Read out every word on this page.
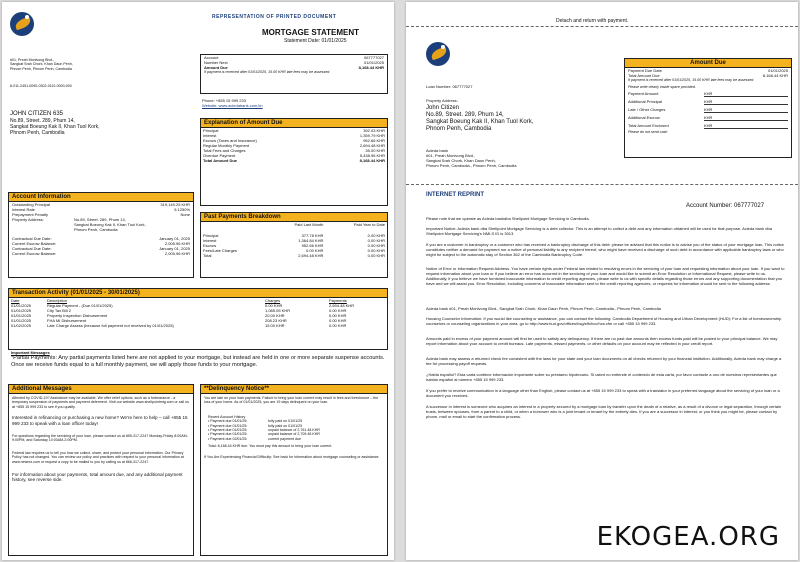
REPRESENTATION OF PRINTED DOCUMENT
MORTGAGE STATEMENT
Statement Date: 01/01/2025
#01, Preah Monivong Blvd.,
Sangkat Srah Chork, Khan Daun Penh,
Phnom Penh, Phnom Penh, Cambodia
8-011-2451-0090-0302-0110-0000-000
JOHN CITIZEN 635
No.89, Street. 289, Phum 14,
Sangkat Boeung Kak II, Khan Tuol Kork,
Phnom Penh, Cambodia
Account	067777027
Number Next	01/01/2025
Amount Due	8,168.44 KHR
If payment is received after 01/01/2025, 15.00 KHR late fees may be assessed.
Phone: +855 15 999 233
Website: www.acledabank.com.kh
Explanation of Amount Due
Principal	392.03 KHR
Interest	1,359.79 KHR
Escrow (Taxes and Insurance)	952.66 KHR
Regular Monthly Payment	2,694.48 KHR
Total Fees and Charges	35.00 KHR
Overdue Payment	5,438.96 KHR
Total Amount Due	8,168.44 KHR
Account Information
Outstanding Principal	319,149.25 KHR
Interest Rate	5.1250%
Prepayment Penalty	None
Property Address:	No.89, Street. 289, Phum 14,
Sangkat Boeung Kak II, Khan Tuol Kork,
Phnom Penh, Cambodia
Contractual Due Date:	January 01, 2025
Current Escrow Balance:	2,005.96 KHR
Contractual Due Date:	January 01, 2025
Current Escrow Balance:	2,005.96 KHR
Past Payments Breakdown
	Paid Last Month	Paid Year to Date

Principal	377.78 KHR	0.00 KHR
Interest	1,364.84 KHR	0.00 KHR
Escrow	952.66 KHR	0.00 KHR
Fees/Late Charges	0.00 KHR	0.00 KHR
Total	2,694.48 KHR	0.00 KHR
Transaction Activity (01/01/2025 - 30/01/2025)
Date	Description	Charges	Payments
01/01/2025	Regular Payment - (Due 01/01/2025)	0.00 KHR	2,694.48 KHR
01/01/2025	City Tax Bill 2	1,085.05 KHR	0.00 KHR
01/01/2025	Property Inspection Disbursement	20.00 KHR	0.00 KHR
01/01/2025	FHA MI Disbursement	208.23 KHR	0.00 KHR
01/02/2025	Late Charge Assess (because full payment not received by 01/01/2025)	15.00 KHR	0.00 KHR
Important Messages
*Partial Payments: Any partial payments listed here are not applied to your mortgage, but instead are held in one or more separate suspense accounts. Once we receive funds equal to a full monthly payment, we will apply those funds to your mortgage.
Additional Messages

Affected by COVID-19? Assistance may be available. We offer relief options, such as a forbearance - a temporary suspension of payments and payment deferment. Visit our website www.shellpointmtg.com or call us at +855 15 999 233 to see if you qualify.

Interested in refinancing or purchasing a new home? We're here to help – call +855 15 999 233 to speak with a loan officer today!

For questions regarding the servicing of your loan, please contact us at 855-317-2247 Monday-Friday 8:00AM-9:00PM, and Saturday 10:00AM-2:00PM.

Federal law requires us to tell you how we collect, share, and protect your personal information. Our Privacy Policy has not changed. You can review our policy and practices with respect to your personal information at www.newrez.com or request a copy to be mailed to you by calling us at 866-317-2247.

For information about your payments, total amount due, and any additional payment history, see reverse side.

**Delinquency Notice**

You are late on your loan payments. Failure to bring your loan current may result in fees and foreclosure – the loss of your home. As of 01/01/2025, you are 19 days delinquent on your loan.

Recent Account History
• Payment due 01/01/25:	fully paid on 01/01/25
• Payment due 01/01/25:	fully paid on 01/01/25
• Payment due 01/01/25:	unpaid balance of 2,761.48 KHR
• Payment due 01/01/25:	unpaid balance of 2,709.48 KHR
• Payment due 02/01/25:	current payment due
Total: 8,168.44 KHR due. You must pay this amount to bring your loan current.

If You Are Experiencing Financial Difficulty: See back for information about mortgage counseling or assistance.

Detach and return with payment.
Loan Number: 067777027
Property Address:
John Citizen
No.89, Street. 289, Phum 14,
Sangkat Boeung Kak II, Khan Tuol Kork,
Phnom Penh, Cambodia
Acleda bank
#01, Preah Monivong Blvd.,
Sangkat Srah Chork, Khan Daun Penh,
Phnom Penh, Cambodia., Phnom Penh, Cambodia
Amount Due
Payment Due Date	01/01/2025
Total Amount Due	8,168.44 KHR
If payment is received after 01/01/2025, 15.00 KHR late fees may be assessed.
Please write clearly inside space provided.
Payment Amount	KHR
Additional Principal	KHR
Late / Other Charges	KHR
Additional Escrow	KHR
Total Amount Enclosed	KHR
Please do not send cash
INTERNET REPRINT
Account Number: 067777027
Please note that we operate as Acleda bankdba Shellpoint Mortgage Servicing in Cambodia.
Important Notice: Acleda bank dba Shellpoint Mortgage Servicing is a debt collector. This is an attempt to collect a debt and any information obtained will be used for that purpose. Acleda bank dba Shellpoint Mortgage Servicing's NMLS ID is 3013.
If you are a customer in bankruptcy or a customer who has received a bankruptcy discharge of this debt: please be advised that this notice is to advise you of the status of your mortgage loan. This notice constitutes neither a demand for payment nor a notice of personal liability to any recipient hereof, who might have received a discharge of such debt in accordance with applicable bankruptcy laws or who might be subject to the automatic stay of Section 362 of the Cambodia Bankruptcy Code.
Notice of Error or Information Request Address. You have certain rights under Federal law related to resolving errors in the servicing of your loan and requesting information about your loan. If you want to request information about your loan or if you believe an error has occurred in the servicing of your loan and would like to submit an Error Resolution or Informational Request, please write to us. Additionally, if you believe we have furnished inaccurate information to credit reporting agencies, please write to us with specific details regarding those errors and any supporting documentation that you have and we will assist you. Error Resolution, including concerns of inaccurate information sent to the credit reporting agencies, or requests for information should be sent to the following address:
Acleda bank #01, Preah Monivong Blvd., Sangkat Srah Chork, Khan Daun Penh, Phnom Penh, Cambodia., Phnom Penh, Cambodia
Housing Counselor Information: If you would like counseling or assistance, you can contact the following: Cambodia Department of Housing and Urban Development (HUD): For a list of homeownership counselors or counseling organizations in your area, go to http://www.hud.gov/offices/hsg/sfh/hcc/hcs.cfm or call +855 15 999 233.
Amounts paid in excess of your payment amount will first be used to satisfy any delinquency. If there are no past due amounts then excess funds paid will be posted to your principal balance. We may report information about your account to credit bureaus. Late payments, missed payments, or other defaults on your account may be reflected in your credit report.
Acleda bank may assess a returned check fee consistent with the laws for your state and your loan documents on all checks returned by your financial institution. Additionally, Acleda bank may charge a fee for processing payoff requests.
¿Habla español? Esta carta contiene información importante sobre su préstamo hipotecario. Si usted no entiende el contenido de esta carta, por favor contacte a uno de nuestros representantes que hablan español al número +855 15 999 233.
If you prefer to receive communication in a language other than English, please contact us at +855 15 999 233 to speak with a translator in your preferred language about the servicing of your loan or a document you received.
A successor in interest is someone who acquires an interest in a property secured by a mortgage loan by transfer upon the death of a relative, as a result of a divorce or legal separation, through certain trusts, between spouses, from a parent to a child, or when a borrower who is a joint tenant or tenant by the entirety dies. If you are a successor in interest, or you think you might be, please contact by phone, mail or email to start the confirmation process.
EKOGEA.ORG
